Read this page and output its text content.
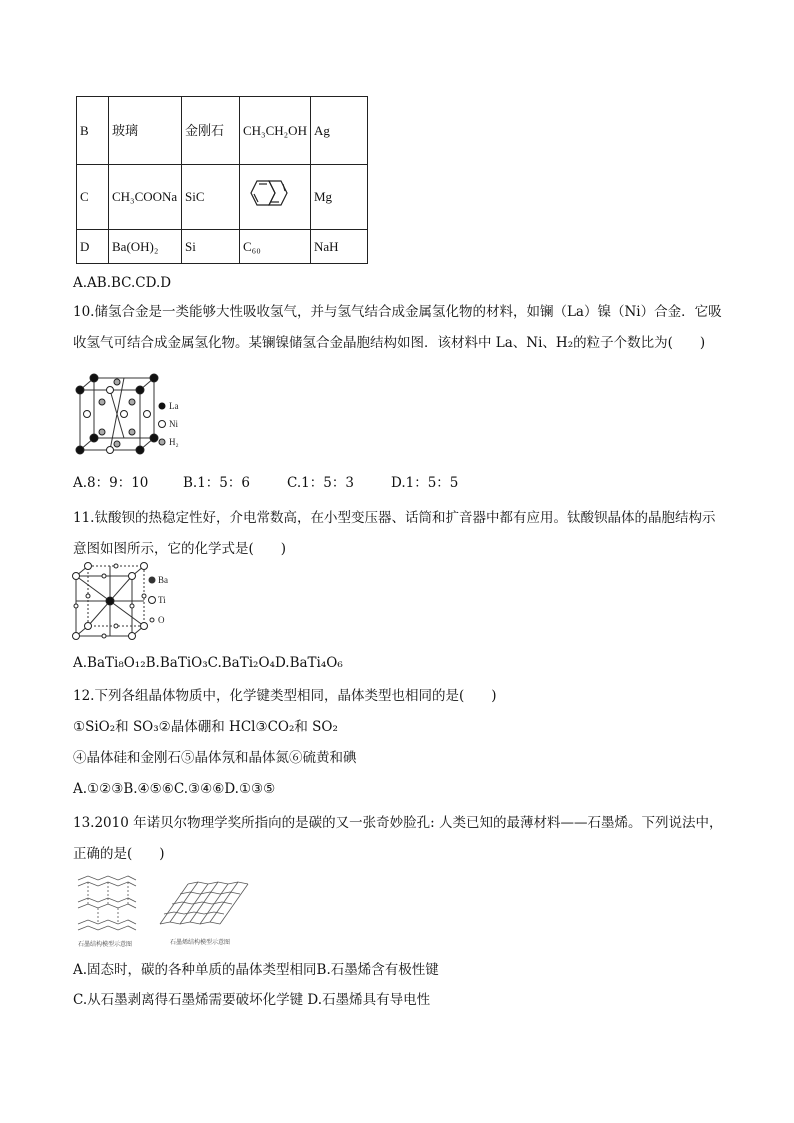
B	玻璃	金刚石	CH₃CH₂OH	Ag
C	CH₃COONa	SiC		Mg
D	Ba(OH)₂	Si	C₆₀	NaH
A.AB.BC.CD.D
10.储氢合金是一类能够大性吸收氢气，并与氢气结合成金属氢化物的材料，如镧（La）镍（Ni）合金．它吸收氢气可结合成金属氢化物。某镧镍储氢合金晶胞结构如图．该材料中 La、Ni、H₂的粒子个数比为(　　)
La
Ni
H₂
A.8：9：10	B.1：5：6	C.1：5：3	D.1：5：5
11.钛酸钡的热稳定性好，介电常数高，在小型变压器、话筒和扩音器中都有应用。钛酸钡晶体的晶胞结构示意图如图所示，它的化学式是(　　)
Ba
Ti
O
A.BaTi₈O₁₂B.BaTiO₃C.BaTi₂O₄D.BaTi₄O₆
12.下列各组晶体物质中，化学键类型相同，晶体类型也相同的是(　　)
①SiO₂和 SO₃②晶体硼和 HCl③CO₂和 SO₂
④晶体硅和金刚石⑤晶体氖和晶体氮⑥硫黄和碘
A.①②③B.④⑤⑥C.③④⑥D.①③⑤
13.2010 年诺贝尔物理学奖所指向的是碳的又一张奇妙脸孔: 人类已知的最薄材料——石墨烯。下列说法中，正确的是(　　)
石墨结构模型示意图	石墨烯结构模型示意图
A.固态时，碳的各种单质的晶体类型相同B.石墨烯含有极性键
C.从石墨剥离得石墨烯需要破坏化学键 D.石墨烯具有导电性
